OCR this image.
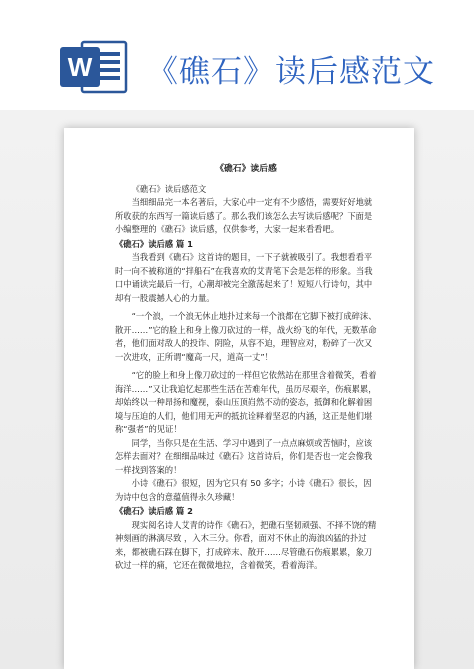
W 《礁石》读后感范文
《礁石》读后感

《礁石》读后感范文

当细细品完一本名著后，大家心中一定有不少感悟，需要好好地就所收获的东西写一篇读后感了。那么我们该怎么去写读后感呢？下面是小编整理的《礁石》读后感，仅供参考，大家一起来看看吧。

《礁石》读后感 篇 1

当我看到《礁石》这首诗的题目，一下子就被吸引了。我想看看平时一向不被称道的“拌船石”在我喜欢的艾青笔下会是怎样的形象。当我口中诵读完最后一行，心潮却被完全激荡起来了！短短八行诗句，其中却有一股震撼人心的力量。

“一个浪，一个浪无休止地扑过来每一个浪都在它脚下被打成碎沫、散开……”它的脸上和身上像刀砍过的一样，战火纷飞的年代，无数革命者，他们面对敌人的投诈、阴险，从容不迫，理智应对，粉碎了一次又一次进攻，正所谓“魔高一尺，道高一丈”！

“它的脸上和身上像刀砍过的一样但它依然站在那里含着微笑，看着海洋……”又让我追忆起那些生活在苦难年代，虽历尽艰辛，伤痕累累，却始终以一种昂扬和魔视，泰山压顶岿然不动的姿态，抵御和化解着困境与压迫的人们，他们用无声的抵抗诠释着坚忍的内涵，这正是他们堪称“强者”的见证！

同学，当你只是在生活、学习中遇到了一点点麻烦或苦恼时，应该怎样去面对？在细细品味过《礁石》这首诗后，你们是否也一定会像我一样找到答案的！

小诗《礁石》很短，因为它只有 50 多字；小诗《礁石》很长，因为诗中包含的意蕴值得永久珍藏！

《礁石》读后感 篇 2

现实阅名诗人艾青的诗作《礁石》，把礁石坚韧顽强、不择不饶的精神刻画的淋漓尽致 ，入木三分。你看，面对不休止的海浪凶猛的扑过来，都被礁石踩在脚下，打成碎末、散开……尽管礁石伤痕累累，象刀砍过一样的痛，它还在微微地拉，含着微笑，看着海洋。
